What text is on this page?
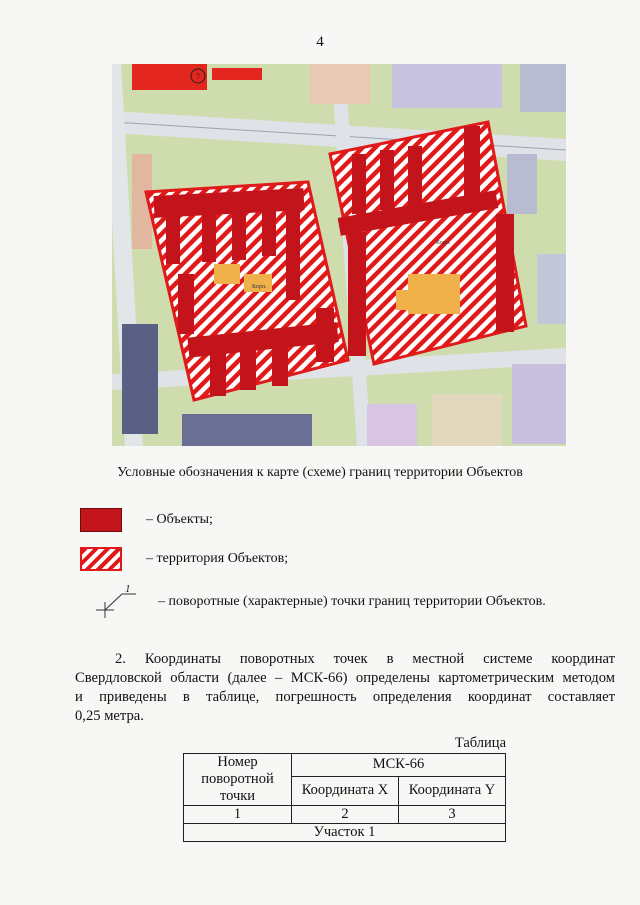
4
7
Корп.
Корп.
Условные обозначения к карте (схеме) границ территории Объектов
– Объекты;
– территория Объектов;
1
– поворотные (характерные) точки границ территории Объектов.

2. Координаты поворотных точек в местной системе координат

Свердловской области (далее – МСК-66) определены картометрическим методом

и приведены в таблице, погрешность определения координат составляет

0,25 метра.

Таблица
Номер поворотной точки	МСК-66	
	Координата X	Координата Y
1	2	3
Участок 1		
